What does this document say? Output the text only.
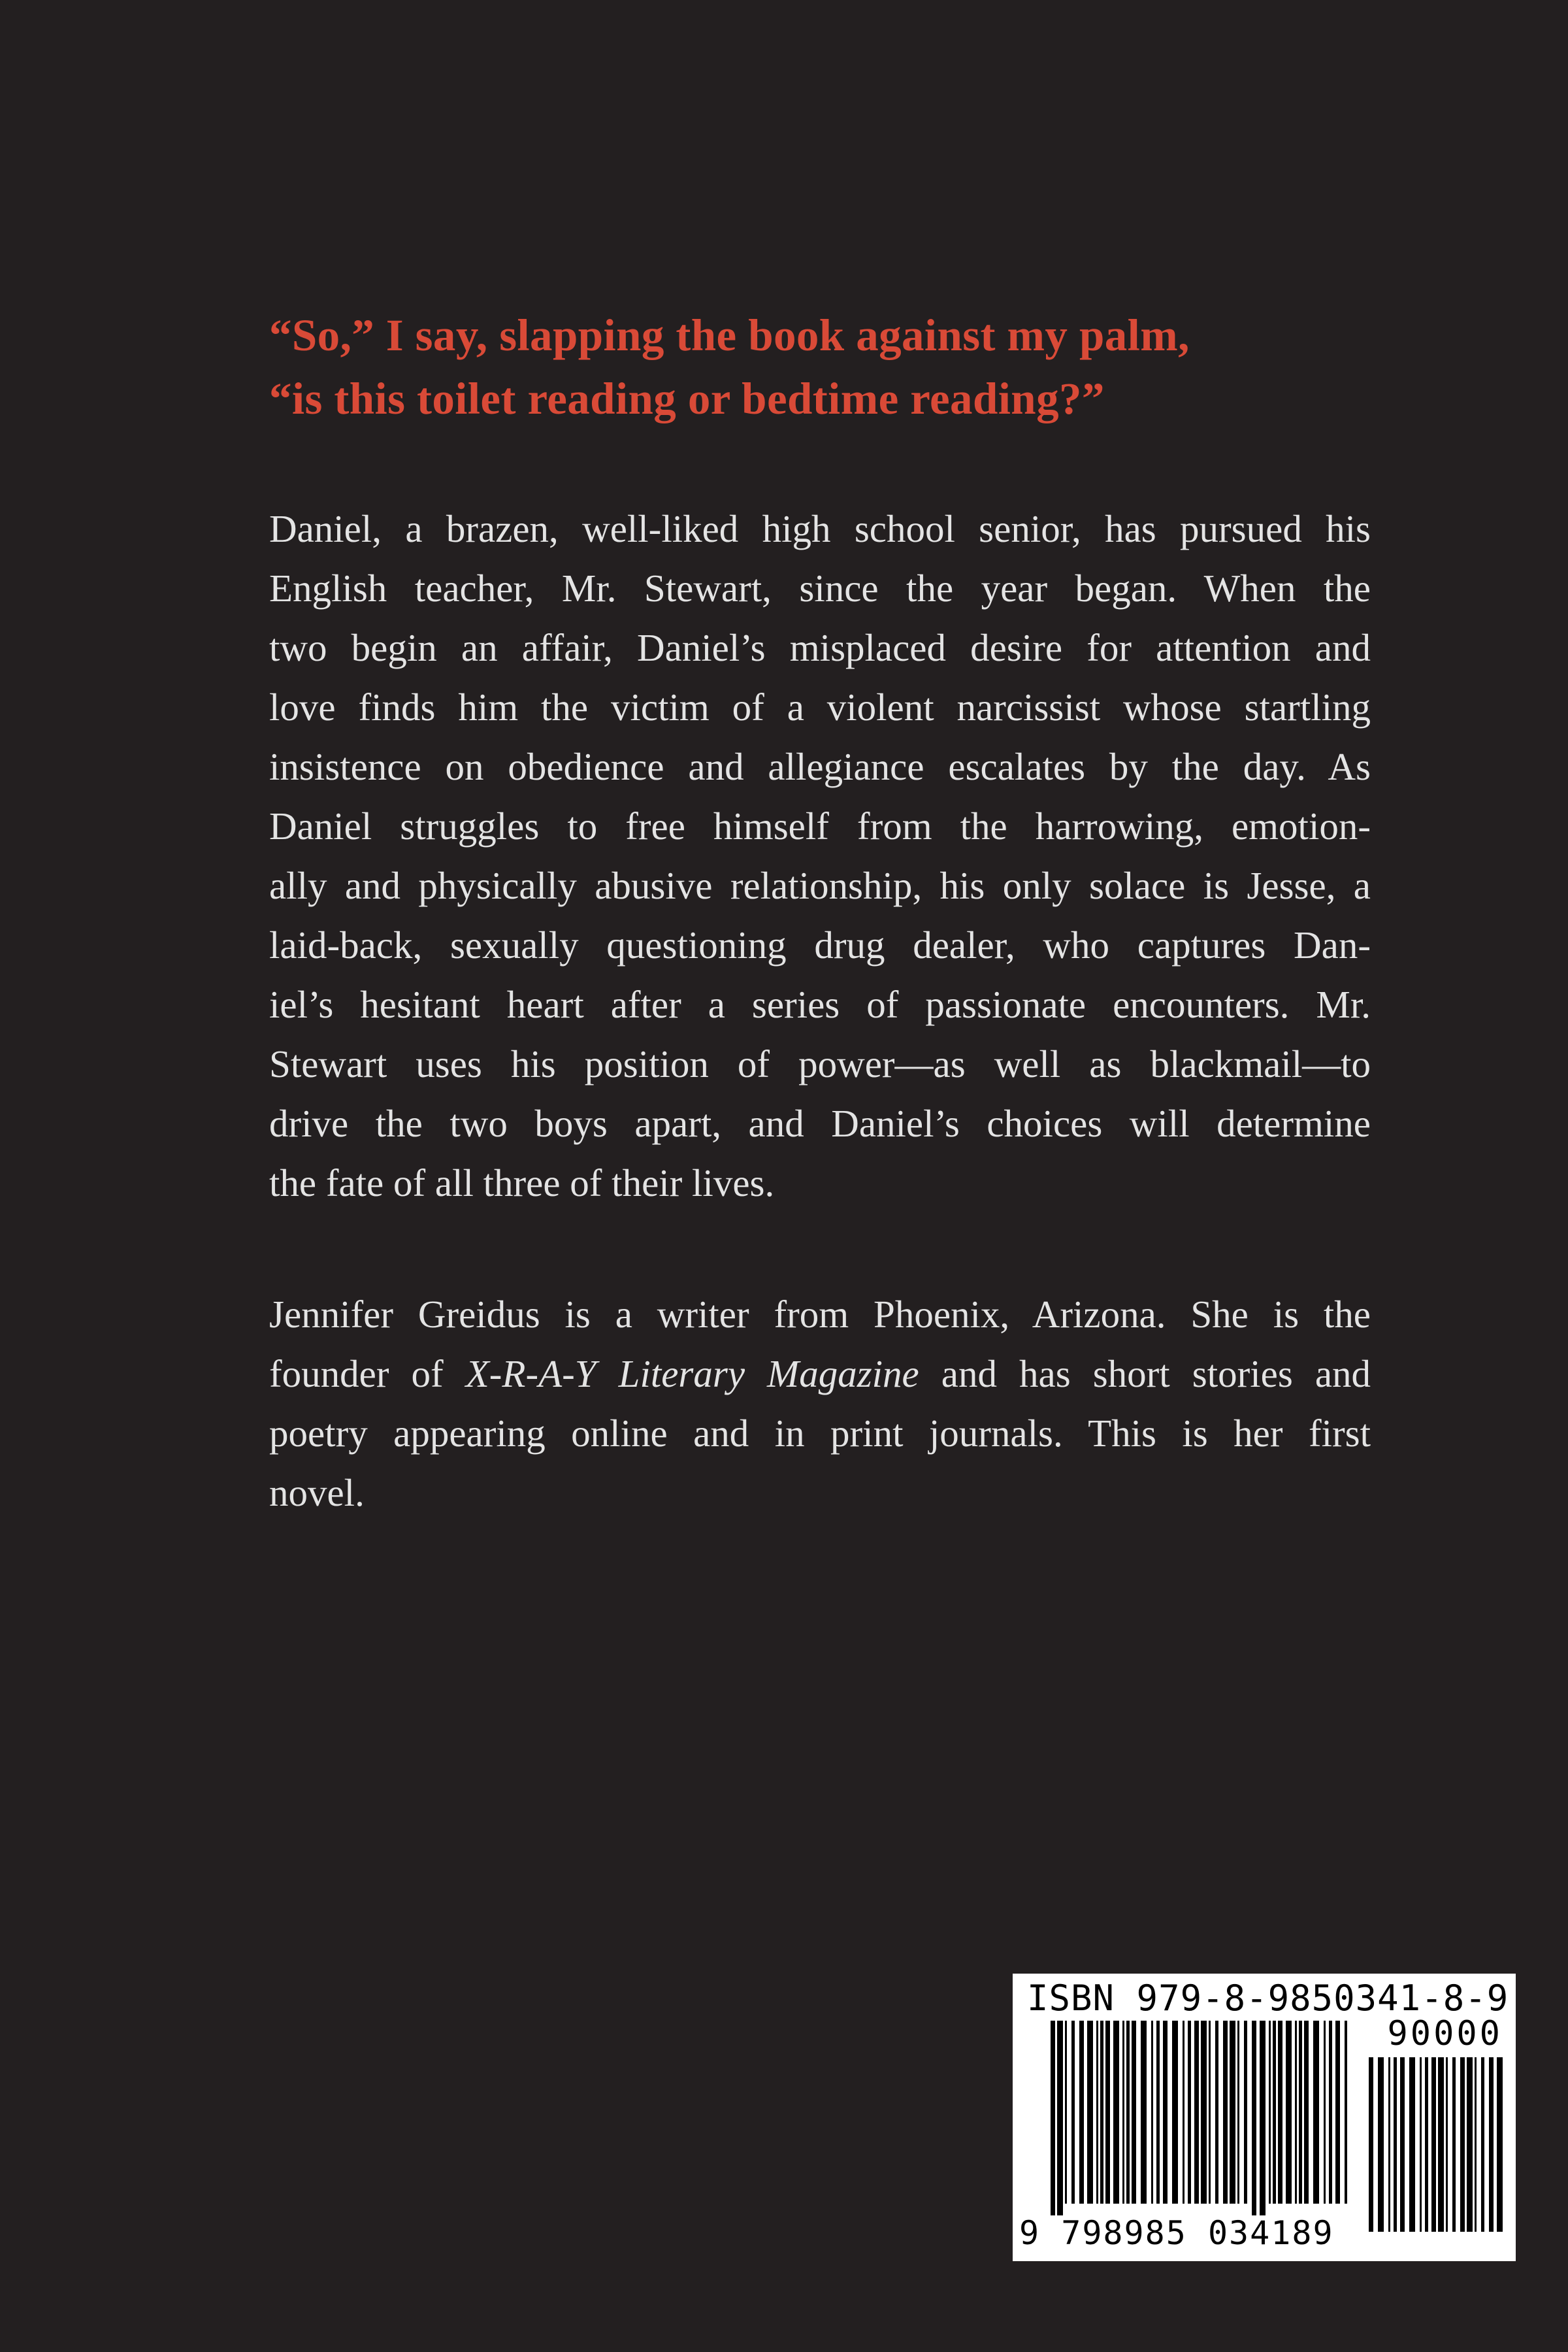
“So,” I say, slapping the book against my palm,
“is this toilet reading or bedtime reading?”
Daniel, a brazen, well-liked high school senior, has pursued his
English teacher, Mr. Stewart, since the year began. When the
two begin an affair, Daniel’s misplaced desire for attention and
love finds him the victim of a violent narcissist whose startling
insistence on obedience and allegiance escalates by the day. As
Daniel struggles to free himself from the harrowing, emotion-
ally and physically abusive relationship, his only solace is Jesse, a
laid-back, sexually questioning drug dealer, who captures Dan-
iel’s hesitant heart after a series of passionate encounters. Mr.
Stewart uses his position of power—as well as blackmail—to
drive the two boys apart, and Daniel’s choices will determine
the fate of all three of their lives.
Jennifer Greidus is a writer from Phoenix, Arizona. She is the
founder of X-R-A-Y Literary Magazine and has short stories and
poetry appearing online and in print journals. This is her first
novel.
ISBN 979-8-9850341-8-9
90000
9 798985 034189
